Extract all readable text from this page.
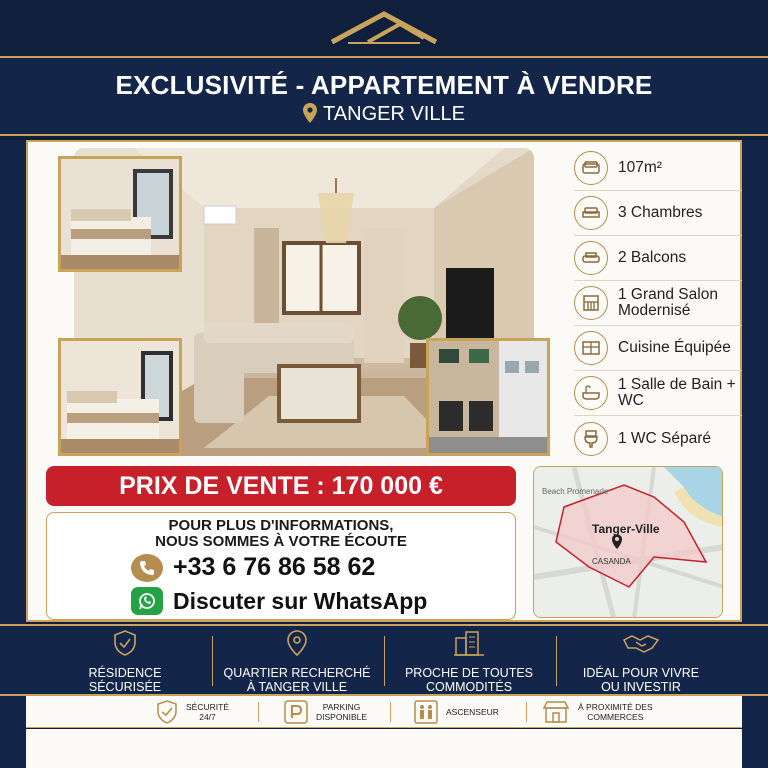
EXCLUSIVITÉ - APPARTEMENT À VENDRE
TANGER VILLE
107m²
3 Chambres
2 Balcons
1 Grand Salon Modernisé
Cuisine Équipée
1 Salle de Bain + WC
1 WC Séparé
PRIX DE VENTE : 170 000 €
POUR PLUS D'INFORMATIONS,
NOUS SOMMES À VOTRE ÉCOUTE
+33 6 76 86 58 62
Discuter sur WhatsApp
Beach Promenade
Tanger-Ville
CASANDA
RÉSIDENCE
SÉCURISÉE
QUARTIER RECHERCHÉ
À TANGER VILLE
PROCHE DE TOUTES
COMMODITÉS
IDÉAL POUR VIVRE
OU INVESTIR
SÉCURITÉ
24/7
PARKING
DISPONIBLE	ASCENSEUR	À PROXIMITÉ DES
COMMERCES
